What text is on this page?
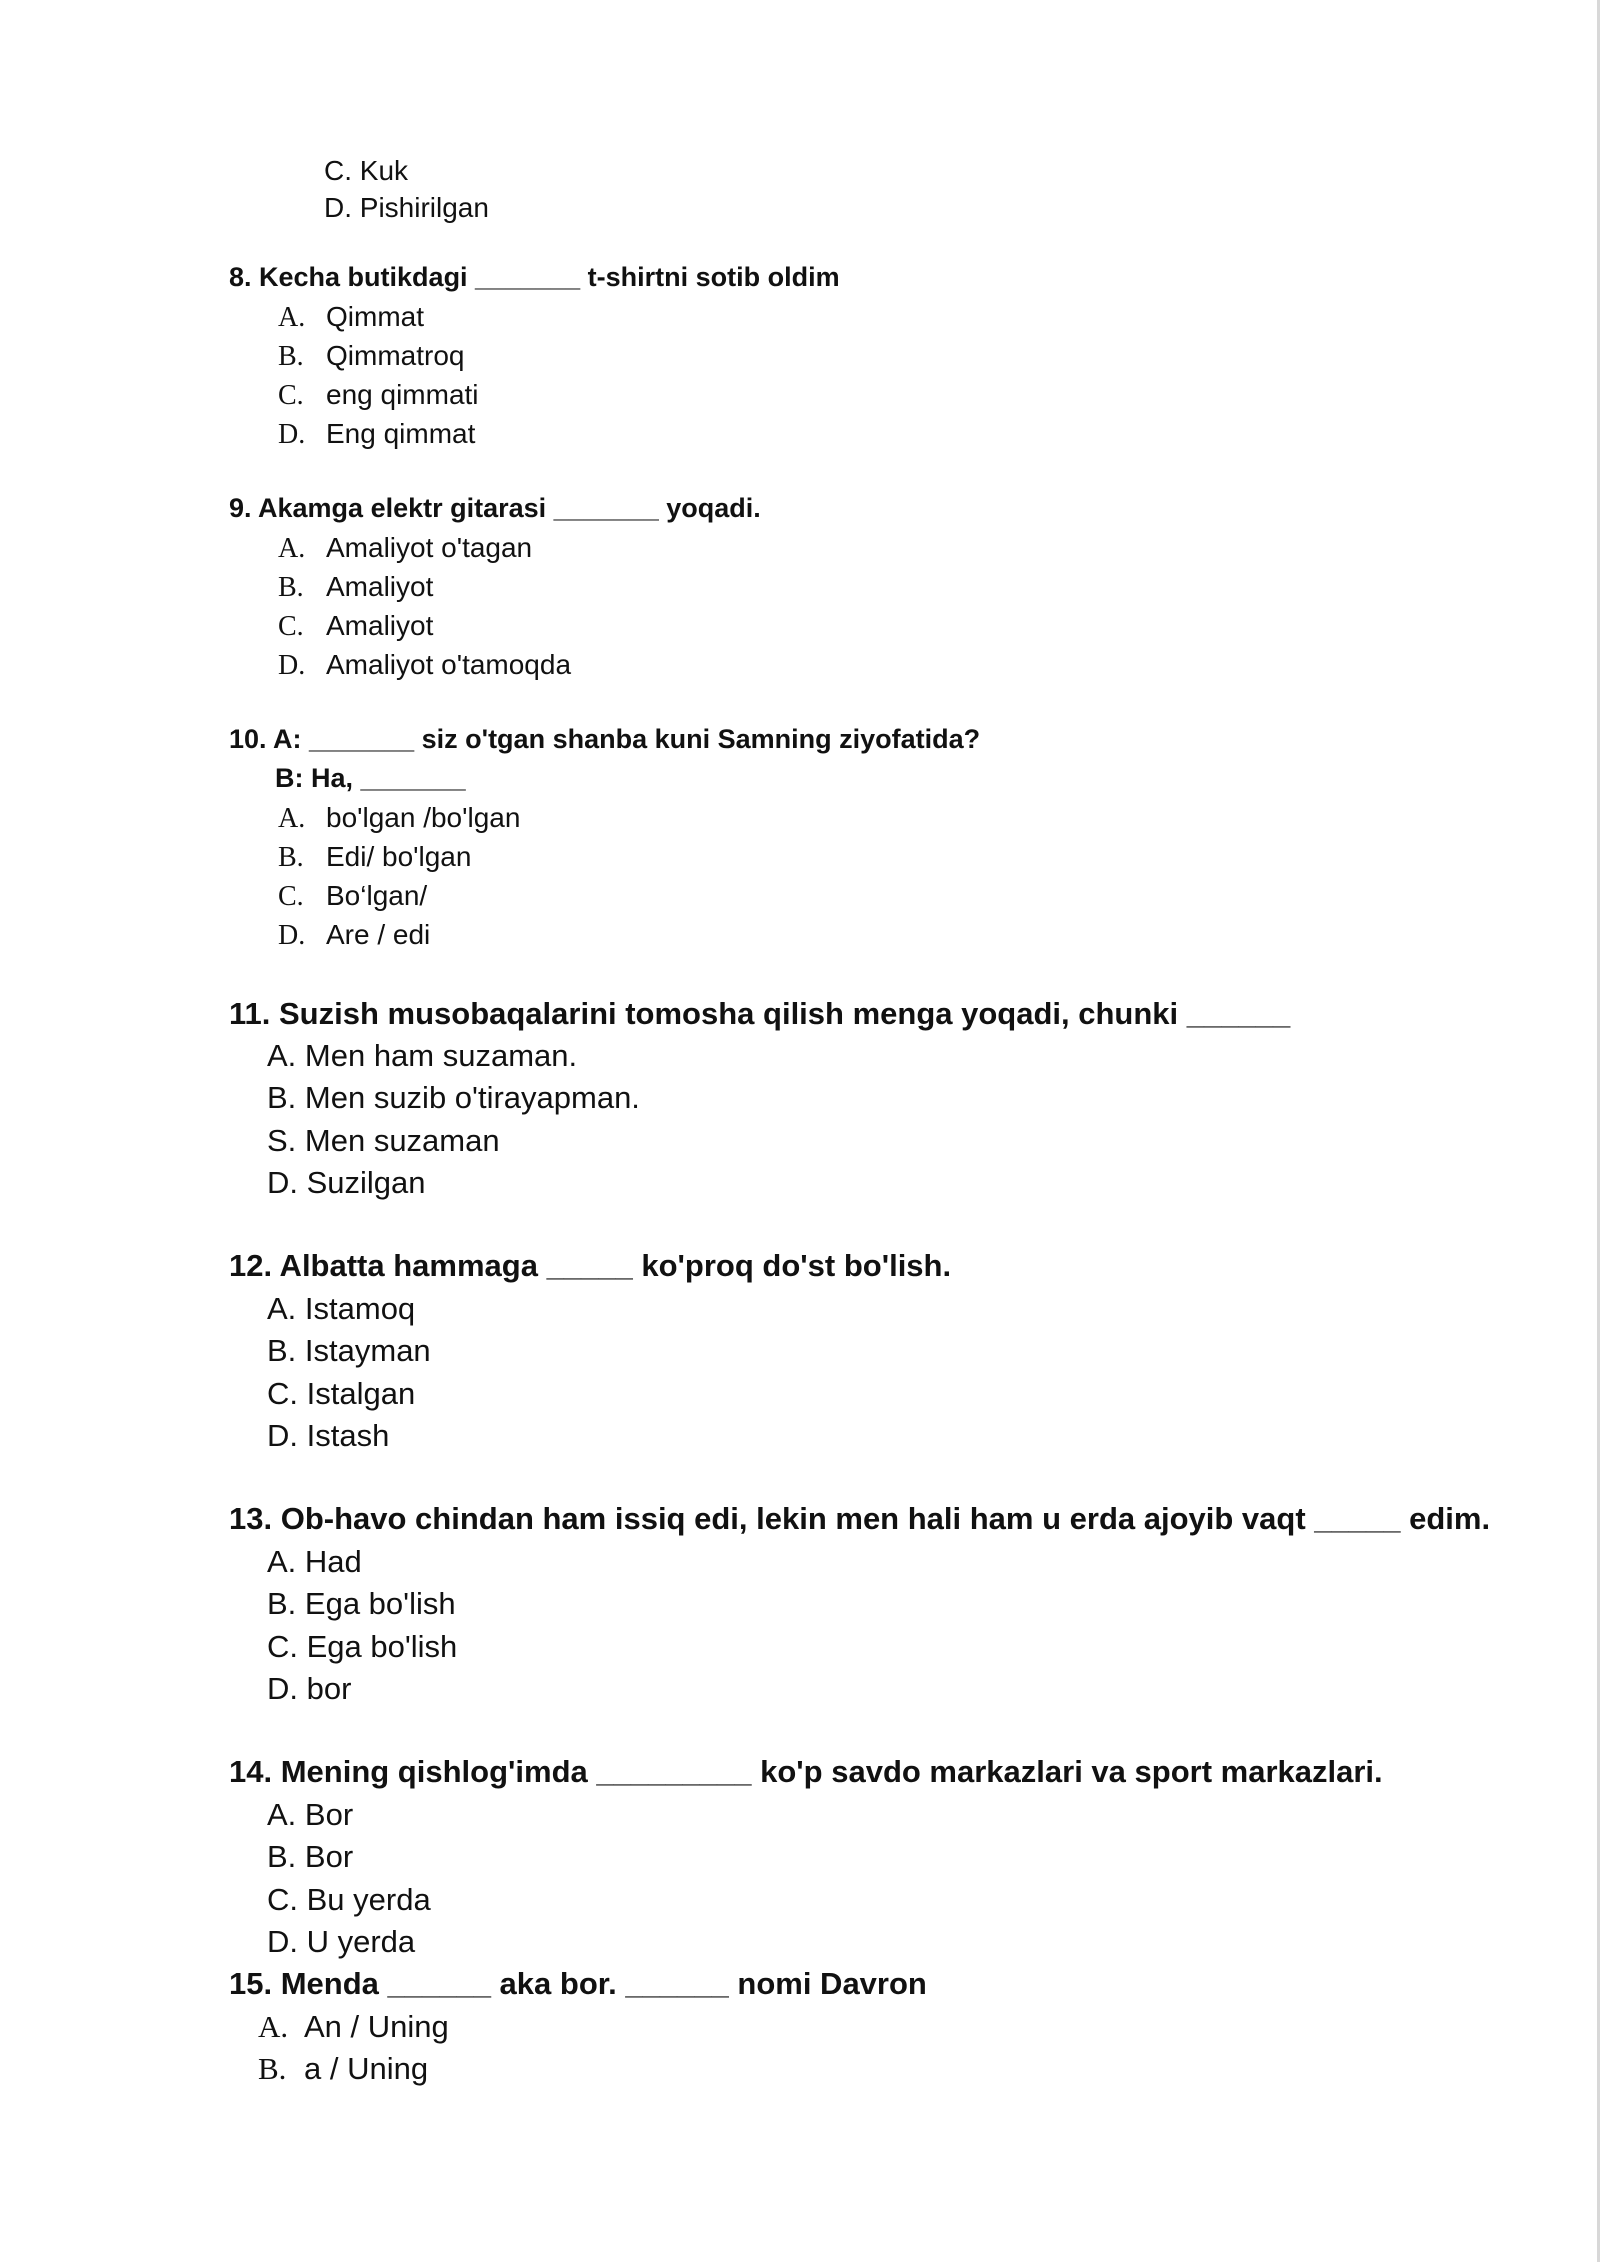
C. Kuk
D. Pishirilgan
8. Kecha butikdagi _______ t-shirtni sotib oldim
A. Qimmat
B. Qimmatroq
C. eng qimmati
D. Eng qimmat
9. Akamga elektr gitarasi _______ yoqadi.
A. Amaliyot o'tagan
B. Amaliyot
C. Amaliyot
D. Amaliyot o'tamoqda
10. A: _______ siz o'tgan shanba kuni Samning ziyofatida?
B: Ha, _______
A. bo'lgan /bo'lgan
B. Edi/ bo'lgan
C. Bo‘lgan/
D. Are / edi
11. Suzish musobaqalarini tomosha qilish menga yoqadi, chunki ______
A. Men ham suzaman.
B. Men suzib o'tirayapman.
S. Men suzaman
D. Suzilgan
12. Albatta hammaga _____ ko'proq do'st bo'lish.
A. Istamoq
B. Istayman
C. Istalgan
D. Istash
13. Ob-havo chindan ham issiq edi, lekin men hali ham u erda ajoyib vaqt _____ edim.
A. Had
B. Ega bo'lish
C. Ega bo'lish
D. bor
14. Mening qishlog'imda _________ ko'p savdo markazlari va sport markazlari.
A. Bor
B. Bor
C. Bu yerda
D. U yerda
15. Menda ______ aka bor. ______ nomi Davron
A. An / Uning
B. a / Uning
